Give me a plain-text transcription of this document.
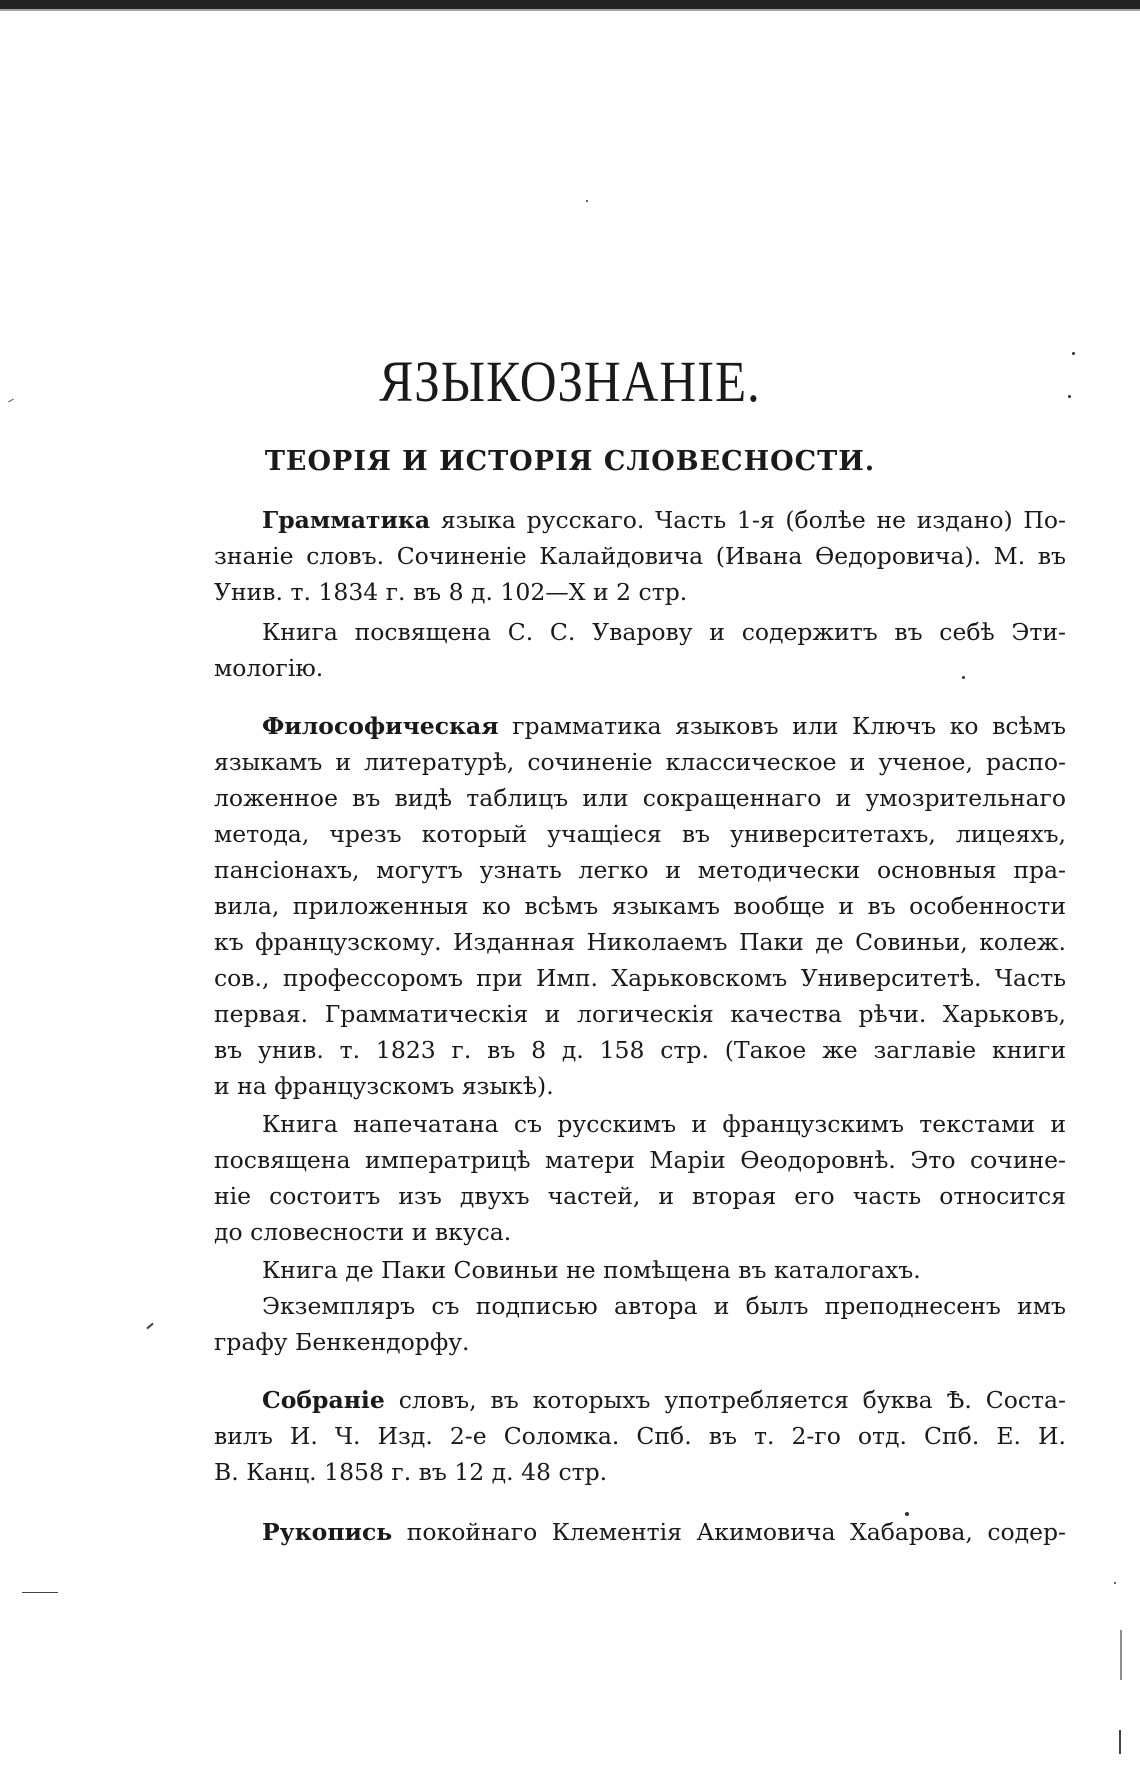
ЯЗЫКОЗНАНІЕ.
ТЕОРІЯ И ИСТОРІЯ СЛОВЕСНОСТИ.
Грамматика языка русскаго. Часть 1-я (болѣе не издано) По-
знаніе словъ. Сочиненіе Калайдовича (Ивана Ѳедоровича). М. въ
Унив. т. 1834 г. въ 8 д. 102—X и 2 стр.
Книга посвящена С. С. Уварову и содержитъ въ себѣ Эти-
мологію.
Философическая грамматика языковъ или Ключъ ко всѣмъ
языкамъ и литературѣ, сочиненіе классическое и ученое, распо-
ложенное въ видѣ таблицъ или сокращеннаго и умозрительнаго
метода, чрезъ который учащіеся въ университетахъ, лицеяхъ,
пансіонахъ, могутъ узнать легко и методически основныя пра-
вила, приложенныя ко всѣмъ языкамъ вообще и въ особенности
къ французскому. Изданная Николаемъ Паки де Совиньи, колеж.
сов., профессоромъ при Имп. Харьковскомъ Университетѣ. Часть
первая. Грамматическія и логическія качества рѣчи. Харьковъ,
въ унив. т. 1823 г. въ 8 д. 158 стр. (Такое же заглавіе книги
и на французскомъ языкѣ).
Книга напечатана съ русскимъ и французскимъ текстами и
посвящена императрицѣ матери Маріи Ѳеодоровнѣ. Это сочине-
ніе состоитъ изъ двухъ частей, и вторая его часть относится
до словесности и вкуса.
Книга де Паки Совиньи не помѣщена въ каталогахъ.
Экземпляръ съ подписью автора и былъ преподнесенъ имъ
графу Бенкендорфу.
Собраніе словъ, въ которыхъ употребляется буква Ѣ. Соста-
вилъ И. Ч. Изд. 2-е Соломка. Спб. въ т. 2-го отд. Спб. Е. И.
В. Канц. 1858 г. въ 12 д. 48 стр.
Рукопись покойнаго Клементія Акимовича Хабарова, содер-
